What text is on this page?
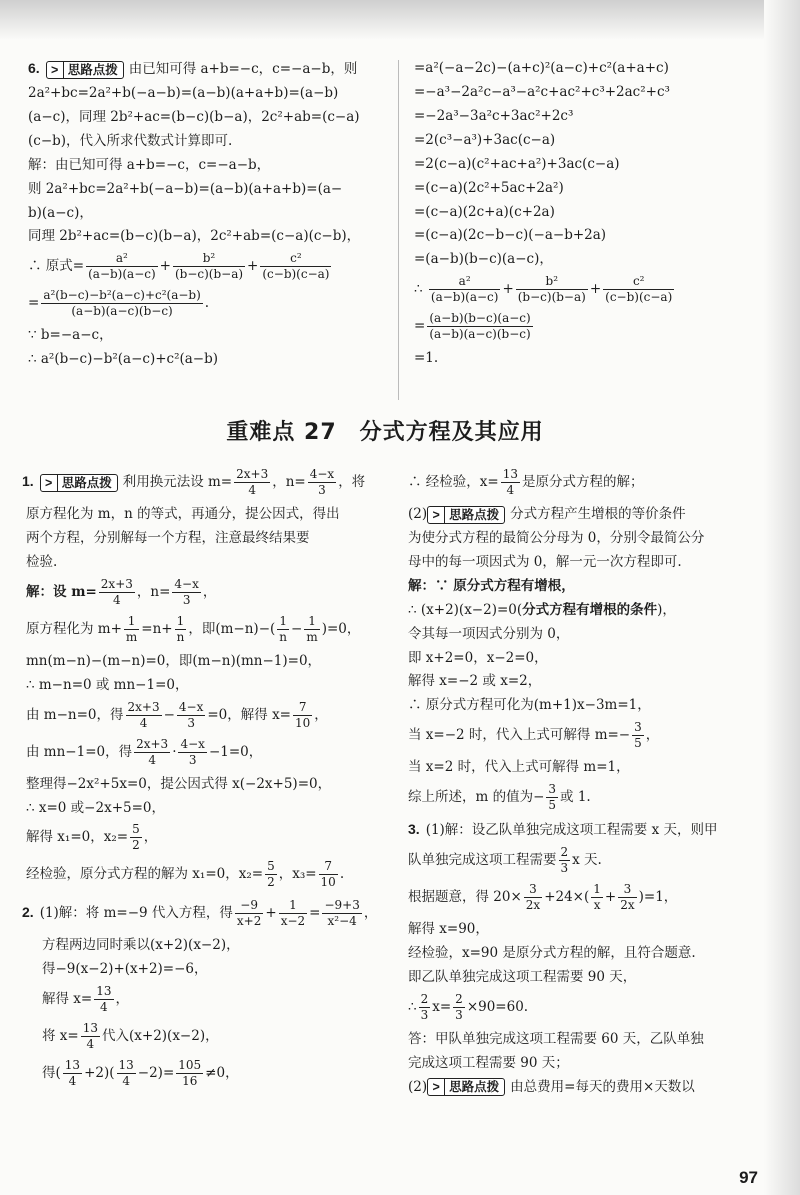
6. > 思路点拨 由已知可得 a+b=−c，c=−a−b，则
2a²+bc=2a²+b(−a−b)=(a−b)(a+a+b)=(a−b)
(a−c)，同理 2b²+ac=(b−c)(b−a)，2c²+ab=(c−a)
(c−b)，代入所求代数式计算即可.
解：由已知可得 a+b=−c，c=−a−b，
则 2a²+bc=2a²+b(−a−b)=(a−b)(a+a+b)=(a−
b)(a−c)，
同理 2b²+ac=(b−c)(b−a)，2c²+ab=(c−a)(c−b)，
∴ 原式= $\frac{\text{a²}}{(a-b)(a-c)} + \frac{\text{b²}}{(b-c)(b-a)} + \frac{\text{c²}}{(c-b)(c-a)}$
= $\frac{\text{a²(b−c)−b²(a−c)+c²(a−b)}}{(a-b)(a-c)(b-c)}$ .
∵ b=−a−c，
∴ a²(b−c)−b²(a−c)+c²(a−b)
=a²(−a−2c)−(a+c)²(a−c)+c²(a+a+c)
=−a³−2a²c−a³−a²c+ac²+c³+2ac²+c³
=−2a³−3a²c+3ac²+2c³
=2(c³−a³)+3ac(c−a)
=2(c−a)(c²+ac+a²)+3ac(c−a)
=(c−a)(2c²+5ac+2a²)
=(c−a)(2c+a)(c+2a)
=(c−a)(2c−b−c)(−a−b+2a)
=(a−b)(b−c)(a−c)，
∴ $\frac{\text{a²}}{(a-b)(a-c)} + \frac{\text{b²}}{(b-c)(b-a)} + \frac{\text{c²}}{(c-b)(c-a)}$
= $\frac{(a-b)(b-c)(a-c)}{(a-b)(a-c)(b-c)}$
=1.
重难点 27　分式方程及其应用
1. > 思路点拨 利用换元法设 $m= \frac{2x+3}{4}$ ，$n= \frac{4-x}{3}$ ，将
原方程化为 m，n 的等式，再通分，提公因式，得出
两个方程，分别解每一个方程，注意最终结果要
检验.
解：设 $m= \frac{2x+3}{4}$ ，$n= \frac{4-x}{3}$ ，
原方程化为 $m+ \frac{1}{m} =n+ \frac{1}{n}$ ，即$(m-n)-( \frac{1}{n} - \frac{1}{m} )=0$，
mn(m−n)−(m−n)=0，即(m−n)(mn−1)=0，
∴ m−n=0 或 mn−1=0，
由 m−n=0，得 $\frac{2x+3}{4} - \frac{4-x}{3} =0$，解得 $x= \frac{7}{10}$ ，
由 mn−1=0，得 $\frac{2x+3}{4} \cdot \frac{4-x}{3} -1=0$，
整理得−2x²+5x=0，提公因式得 x(−2x+5)=0，
∴ x=0 或−2x+5=0，
解得 x₁=0，$x_2= \frac{5}{2}$ ，
经检验，原分式方程的解为 x₁=0，$x_2= \frac{5}{2}$ ，$x_3= \frac{7}{10}$ .
2. (1)解：将 m=−9 代入方程，得 $\frac{-9}{x+2} + \frac{1}{x-2} = \frac{-9+3}{\text{x²−4}}$ ，
方程两边同时乘以(x+2)(x−2)，
得−9(x−2)+(x+2)=−6，
解得 $x= \frac{13}{4}$ ，
将 $x= \frac{13}{4}$ 代入(x+2)(x−2)，
得( $\frac{13}{4} +2)( \frac{13}{4} -2)= \frac{105}{16} \ne 0$，
∴ 经检验，$x= \frac{13}{4}$ 是原分式方程的解；
(2) > 思路点拨 分式方程产生增根的等价条件
为使分式方程的最简公分母为 0，分别令最简公分
母中的每一项因式为 0，解一元一次方程即可.
解：∵ 原分式方程有增根，
∴ (x+2)(x−2)=0(分式方程有增根的条件)，
令其每一项因式分别为 0，
即 x+2=0，x−2=0，
解得 x=−2 或 x=2，
∴ 原分式方程可化为(m+1)x−3m=1，
当 x=−2 时，代入上式可解得 $m=- \frac{3}{5}$ ，
当 x=2 时，代入上式可解得 m=1，
综上所述，m 的值为− $\frac{3}{5}$ 或 1.
3. (1)解：设乙队单独完成这项工程需要 x 天，则甲
队单独完成这项工程需要 $\frac{2}{3}$ x 天.
根据题意，得 $20\times \frac{3}{2x} +24\times( \frac{1}{x} + \frac{3}{2x} )=1$，
解得 x=90，
经检验，x=90 是原分式方程的解，且符合题意.
即乙队单独完成这项工程需要 90 天，
∴ $\frac{2}{3} x= \frac{2}{3} \times 90=60$.
答：甲队单独完成这项工程需要 60 天，乙队单独
完成这项工程需要 90 天；
(2) > 思路点拨 由总费用=每天的费用×天数以
97
